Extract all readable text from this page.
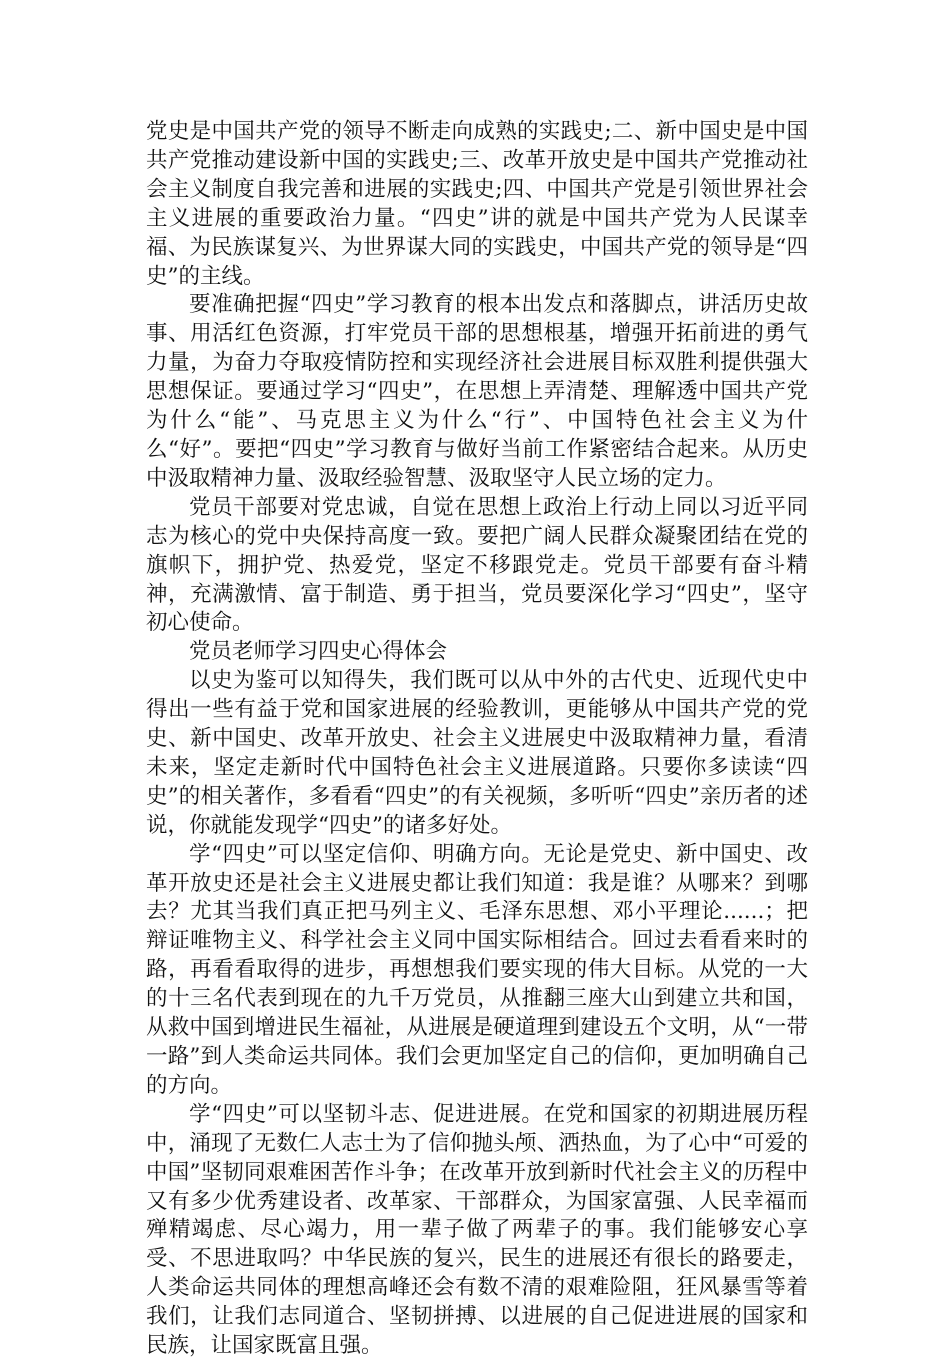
党史是中国共产党的领导不断走向成熟的实践史;二、新中国史是中国共产党推动建设新中国的实践史;三、改革开放史是中国共产党推动社会主义制度自我完善和进展的实践史;四、中国共产党是引领世界社会主义进展的重要政治力量。“四史”讲的就是中国共产党为人民谋幸福、为民族谋复兴、为世界谋大同的实践史，中国共产党的领导是“四史”的主线。

要准确把握“四史”学习教育的根本出发点和落脚点，讲活历史故事、用活红色资源，打牢党员干部的思想根基，增强开拓前进的勇气力量，为奋力夺取疫情防控和实现经济社会进展目标双胜利提供强大思想保证。要通过学习“四史”，在思想上弄清楚、理解透中国共产党为什么“能”、马克思主义为什么“行”、中国特色社会主义为什么“好”。要把“四史”学习教育与做好当前工作紧密结合起来。从历史中汲取精神力量、汲取经验智慧、汲取坚守人民立场的定力。

党员干部要对党忠诚，自觉在思想上政治上行动上同以习近平同志为核心的党中央保持高度一致。要把广阔人民群众凝聚团结在党的旗帜下，拥护党、热爱党，坚定不移跟党走。党员干部要有奋斗精神，充满激情、富于制造、勇于担当，党员要深化学习“四史”，坚守初心使命。

党员老师学习四史心得体会

以史为鉴可以知得失，我们既可以从中外的古代史、近现代史中得出一些有益于党和国家进展的经验教训，更能够从中国共产党的党史、新中国史、改革开放史、社会主义进展史中汲取精神力量，看清未来，坚定走新时代中国特色社会主义进展道路。只要你多读读“四史”的相关著作，多看看“四史”的有关视频，多听听“四史”亲历者的述说，你就能发现学“四史”的诸多好处。

学“四史”可以坚定信仰、明确方向。无论是党史、新中国史、改革开放史还是社会主义进展史都让我们知道：我是谁？从哪来？到哪去？尤其当我们真正把马列主义、毛泽东思想、邓小平理论......；把辩证唯物主义、科学社会主义同中国实际相结合。回过去看看来时的路，再看看取得的进步，再想想我们要实现的伟大目标。从党的一大的十三名代表到现在的九千万党员，从推翻三座大山到建立共和国，从救中国到增进民生福祉，从进展是硬道理到建设五个文明，从“一带一路”到人类命运共同体。我们会更加坚定自己的信仰，更加明确自己的方向。

学“四史”可以坚韧斗志、促进进展。在党和国家的初期进展历程中，涌现了无数仁人志士为了信仰抛头颅、洒热血，为了心中“可爱的中国”坚韧同艰难困苦作斗争；在改革开放到新时代社会主义的历程中又有多少优秀建设者、改革家、干部群众，为国家富强、人民幸福而殚精竭虑、尽心竭力，用一辈子做了两辈子的事。我们能够安心享受、不思进取吗？中华民族的复兴，民生的进展还有很长的路要走，人类命运共同体的理想高峰还会有数不清的艰难险阻，狂风暴雪等着我们，让我们志同道合、坚韧拼搏、以进展的自己促进进展的国家和民族，让国家既富且强。
